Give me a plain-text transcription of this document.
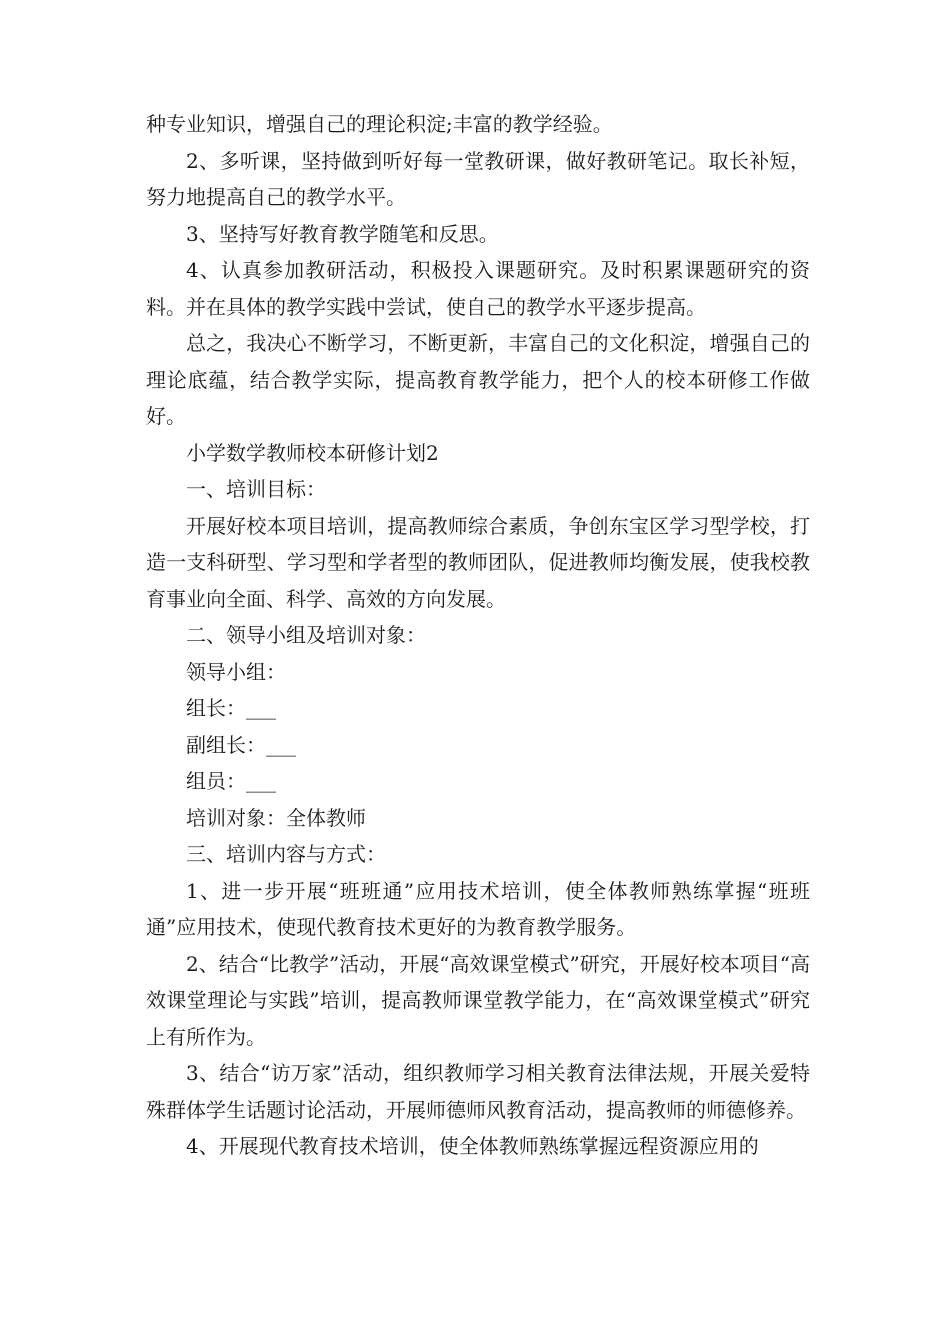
种专业知识，增强自己的理论积淀;丰富的教学经验。

2、多听课，坚持做到听好每一堂教研课，做好教研笔记。取长补短，努力地提高自己的教学水平。

3、坚持写好教育教学随笔和反思。

4、认真参加教研活动，积极投入课题研究。及时积累课题研究的资料。并在具体的教学实践中尝试，使自己的教学水平逐步提高。

总之，我决心不断学习，不断更新，丰富自己的文化积淀，增强自己的理论底蕴，结合教学实际，提高教育教学能力，把个人的校本研修工作做好。

小学数学教师校本研修计划2

一、培训目标：

开展好校本项目培训，提高教师综合素质，争创东宝区学习型学校，打造一支科研型、学习型和学者型的教师团队，促进教师均衡发展，使我校教育事业向全面、科学、高效的方向发展。

二、领导小组及培训对象：

领导小组：

组长：___

副组长：___

组员：___

培训对象：全体教师

三、培训内容与方式：

1、进一步开展“班班通”应用技术培训，使全体教师熟练掌握“班班通”应用技术，使现代教育技术更好的为教育教学服务。

2、结合“比教学”活动，开展“高效课堂模式”研究，开展好校本项目“高效课堂理论与实践”培训，提高教师课堂教学能力，在“高效课堂模式”研究上有所作为。

3、结合“访万家”活动，组织教师学习相关教育法律法规，开展关爱特殊群体学生话题讨论活动，开展师德师风教育活动，提高教师的师德修养。

4、开展现代教育技术培训，使全体教师熟练掌握远程资源应用的
